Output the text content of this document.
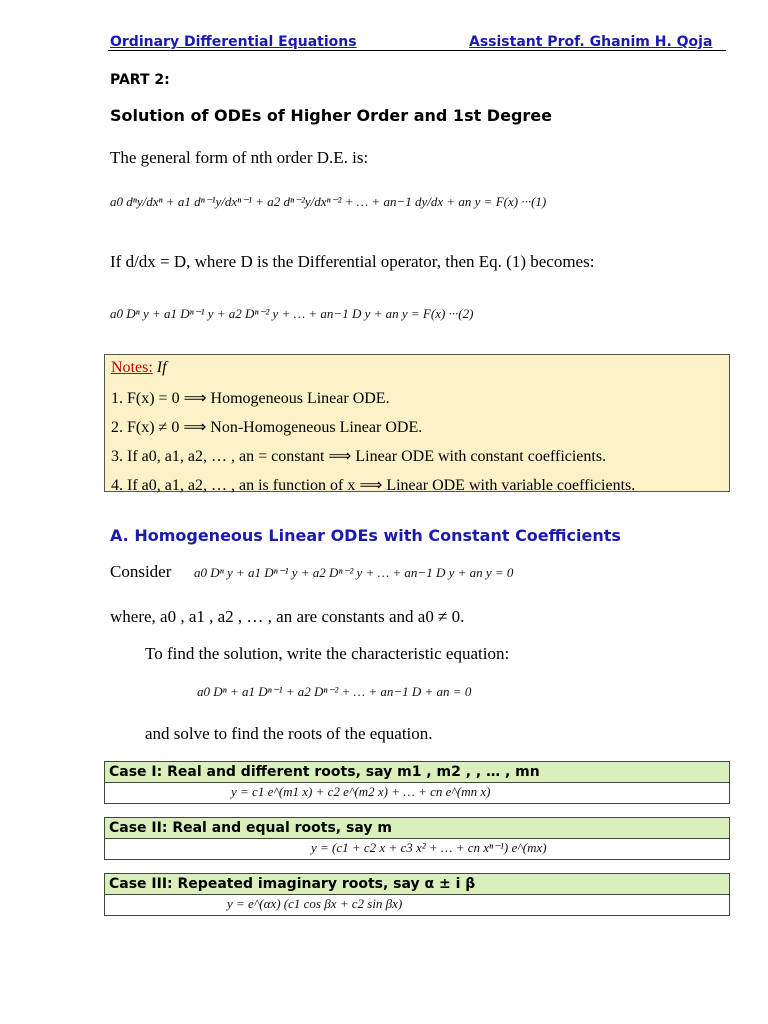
Ordinary Differential Equations	Assistant Prof. Ghanim H. Qoja
PART 2:
Solution of ODEs of Higher Order and 1st Degree
The general form of nth order D.E. is:
a0 dⁿy/dxⁿ + a1 dⁿ⁻¹y/dxⁿ⁻¹ + a2 dⁿ⁻²y/dxⁿ⁻² + … + an−1 dy/dx + an y = F(x) ···(1)
If d/dx = D, where D is the Differential operator, then Eq. (1) becomes:
a0 Dⁿ y + a1 Dⁿ⁻¹ y + a2 Dⁿ⁻² y + … + an−1 D y + an y = F(x) ···(2)
Notes: If
1. F(x) = 0 ⟹ Homogeneous Linear ODE.
2. F(x) ≠ 0 ⟹ Non-Homogeneous Linear ODE.
3. If a0, a1, a2, … , an = constant ⟹ Linear ODE with constant coefficients.
4. If a0, a1, a2, … , an is function of x ⟹ Linear ODE with variable coefficients.
A. Homogeneous Linear ODEs with Constant Coefficients
Consider a0 Dⁿ y + a1 Dⁿ⁻¹ y + a2 Dⁿ⁻² y + … + an−1 D y + an y = 0
where, a0 , a1 , a2 , … , an are constants and a0 ≠ 0.
To find the solution, write the characteristic equation:
a0 Dⁿ + a1 Dⁿ⁻¹ + a2 Dⁿ⁻² + … + an−1 D + an = 0
and solve to find the roots of the equation.
Case I: Real and different roots, say m1 , m2 , , … , mn
y = c1 e^(m1 x) + c2 e^(m2 x) + … + cn e^(mn x)
Case II: Real and equal roots, say m
y = (c1 + c2 x + c3 x² + … + cn xⁿ⁻¹) e^(mx)
Case III: Repeated imaginary roots, say α ± i β
y = e^(αx) (c1 cos βx + c2 sin βx)
